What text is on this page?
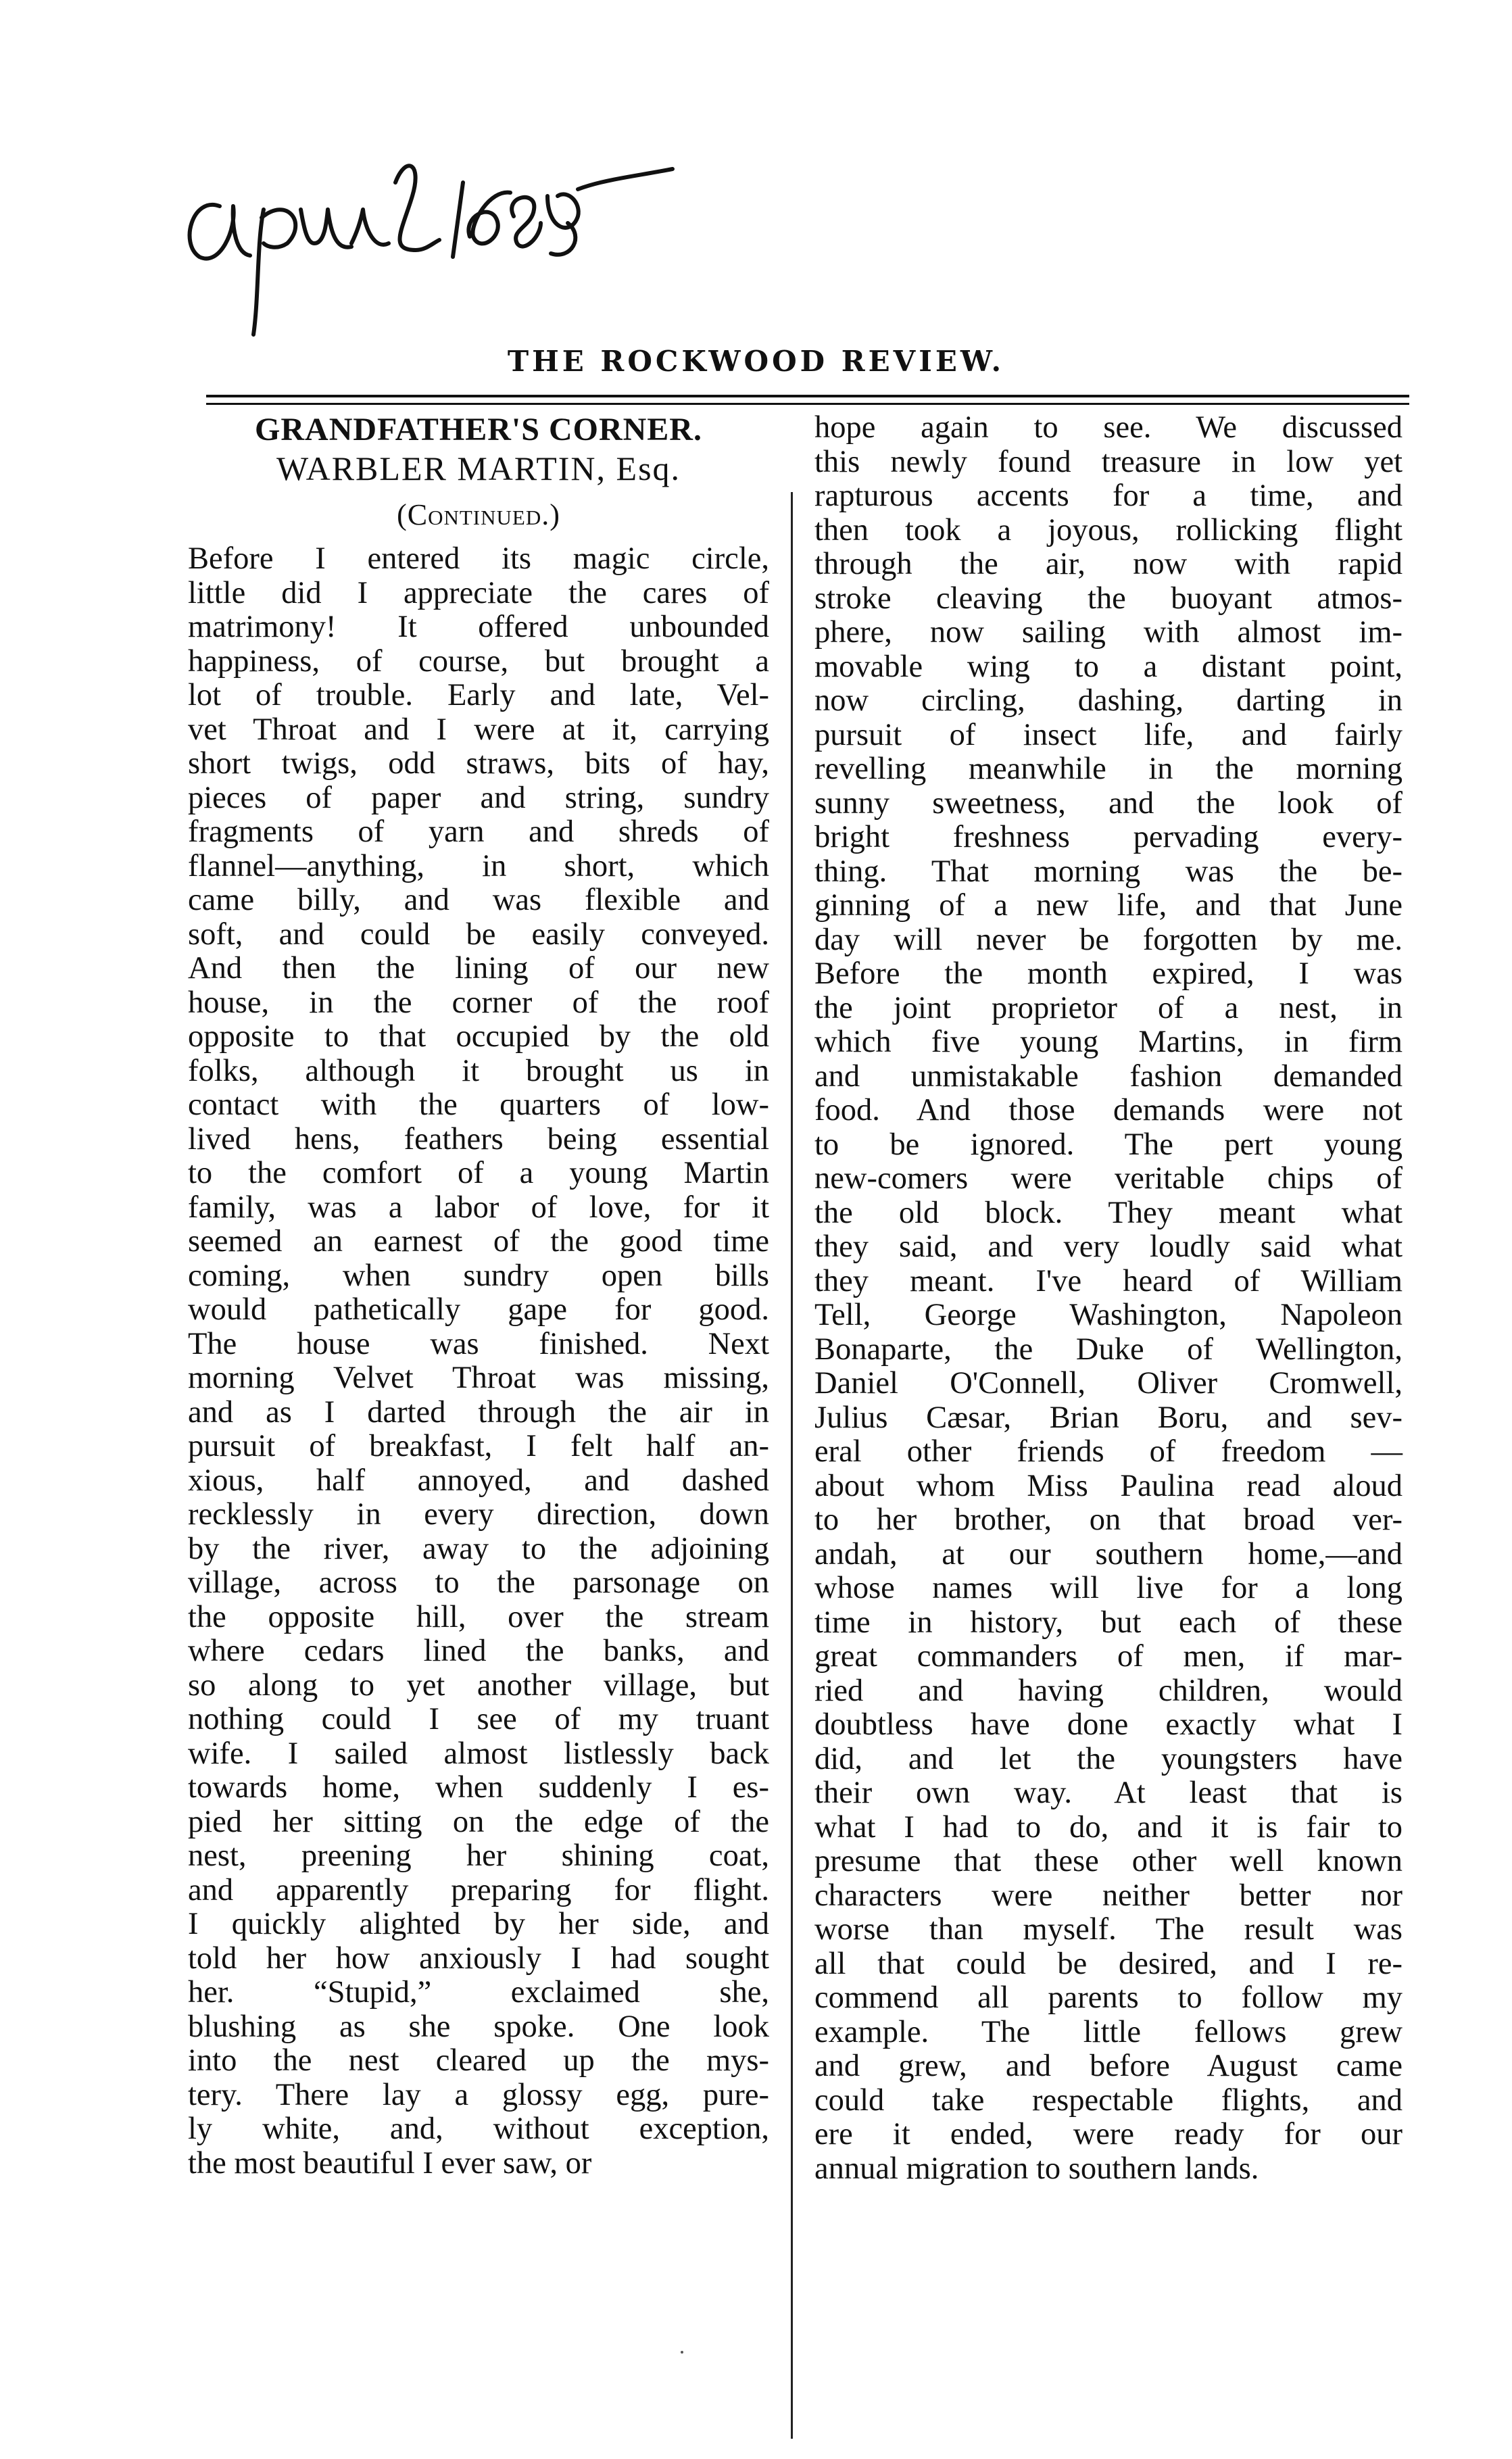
THE ROCKWOOD REVIEW.
GRANDFATHER'S CORNER.
WARBLER MARTIN, Esq.
(Continued.)
Before I entered its magic circle,
little did I appreciate the cares of
matrimony! It offered unbounded
happiness, of course, but brought a
lot of trouble. Early and late, Vel-
vet Throat and I were at it, carrying
short twigs, odd straws, bits of hay,
pieces of paper and string, sundry
fragments of yarn and shreds of
flannel—anything, in short, which
came billy, and was flexible and
soft, and could be easily conveyed.
And then the lining of our new
house, in the corner of the roof
opposite to that occupied by the old
folks, although it brought us in
contact with the quarters of low-
lived hens, feathers being essential
to the comfort of a young Martin
family, was a labor of love, for it
seemed an earnest of the good time
coming, when sundry open bills
would pathetically gape for good.
The house was finished. Next
morning Velvet Throat was missing,
and as I darted through the air in
pursuit of breakfast, I felt half an-
xious, half annoyed, and dashed
recklessly in every direction, down
by the river, away to the adjoining
village, across to the parsonage on
the opposite hill, over the stream
where cedars lined the banks, and
so along to yet another village, but
nothing could I see of my truant
wife. I sailed almost listlessly back
towards home, when suddenly I es-
pied her sitting on the edge of the
nest, preening her shining coat,
and apparently preparing for flight.
I quickly alighted by her side, and
told her how anxiously I had sought
her. “Stupid,” exclaimed she,
blushing as she spoke. One look
into the nest cleared up the mys-
tery. There lay a glossy egg, pure-
ly white, and, without exception,
the most beautiful I ever saw, or
hope again to see. We discussed
this newly found treasure in low yet
rapturous accents for a time, and
then took a joyous, rollicking flight
through the air, now with rapid
stroke cleaving the buoyant atmos-
phere, now sailing with almost im-
movable wing to a distant point,
now circling, dashing, darting in
pursuit of insect life, and fairly
revelling meanwhile in the morning
sunny sweetness, and the look of
bright freshness pervading every-
thing. That morning was the be-
ginning of a new life, and that June
day will never be forgotten by me.
Before the month expired, I was
the joint proprietor of a nest, in
which five young Martins, in firm
and unmistakable fashion demanded
food. And those demands were not
to be ignored. The pert young
new-comers were veritable chips of
the old block. They meant what
they said, and very loudly said what
they meant. I've heard of William
Tell, George Washington, Napoleon
Bonaparte, the Duke of Wellington,
Daniel O'Connell, Oliver Cromwell,
Julius Cæsar, Brian Boru, and sev-
eral other friends of freedom —
about whom Miss Paulina read aloud
to her brother, on that broad ver-
andah, at our southern home,—and
whose names will live for a long
time in history, but each of these
great commanders of men, if mar-
ried and having children, would
doubtless have done exactly what I
did, and let the youngsters have
their own way. At least that is
what I had to do, and it is fair to
presume that these other well known
characters were neither better nor
worse than myself. The result was
all that could be desired, and I re-
commend all parents to follow my
example. The little fellows grew
and grew, and before August came
could take respectable flights, and
ere it ended, were ready for our
annual migration to southern lands.
